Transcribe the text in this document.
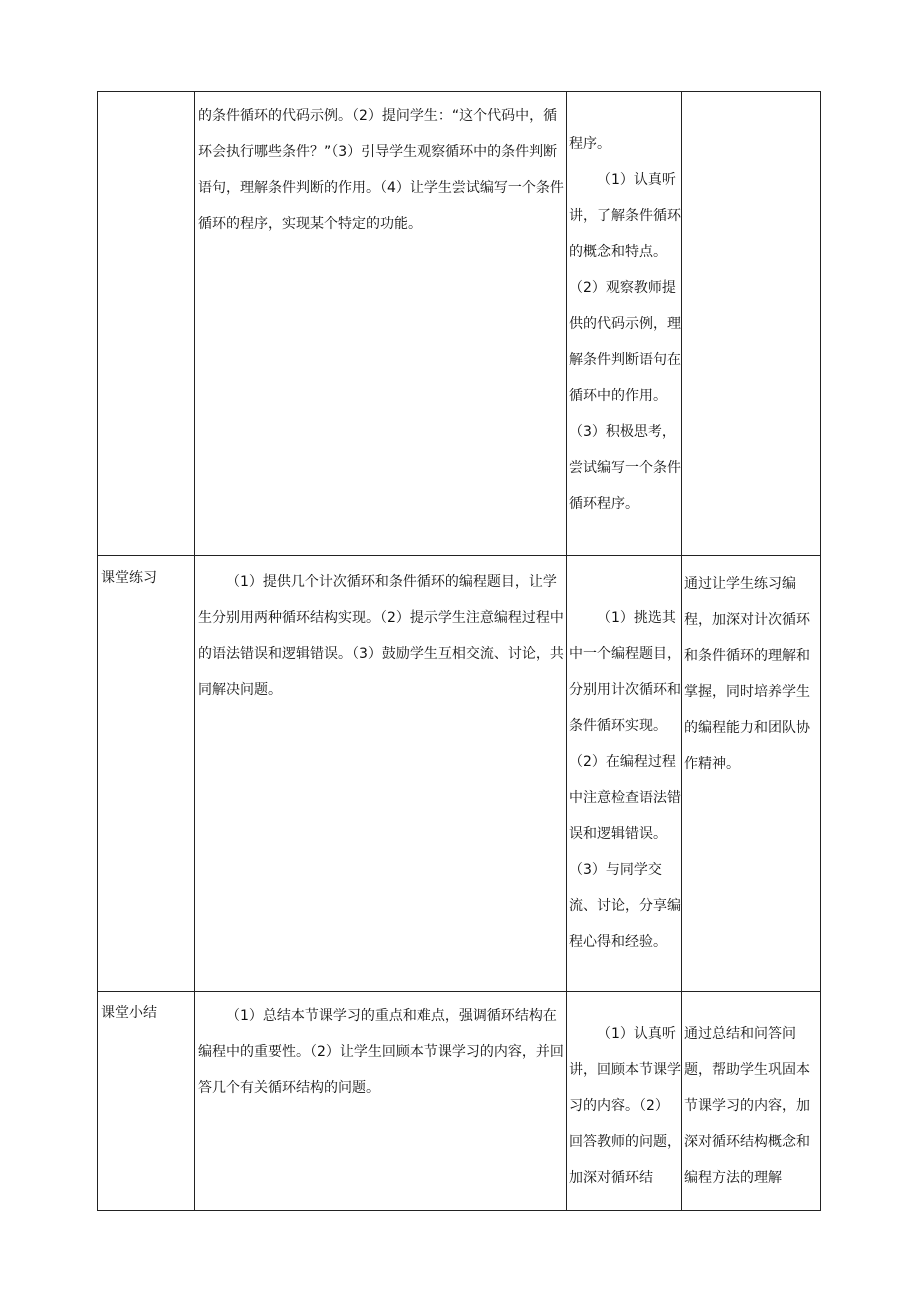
的条件循环的代码示例。（2）提问学生：“这个代码中，循环会执行哪些条件？”（3）引导学生观察循环中的条件判断语句，理解条件判断的作用。（4）让学生尝试编写一个条件循环的程序，实现某个特定的功能。

程序。

（1）认真听讲，了解条件循环的概念和特点。（2）观察教师提供的代码示例，理解条件判断语句在循环中的作用。（3）积极思考，尝试编写一个条件循环程序。

课堂练习	（1）提供几个计次循环和条件循环的编程题目，让学生分别用两种循环结构实现。（2）提示学生注意编程过程中的语法错误和逻辑错误。（3）鼓励学生互相交流、讨论，共同解决问题。

（1）挑选其中一个编程题目，分别用计次循环和条件循环实现。（2）在编程过程中注意检查语法错误和逻辑错误。（3）与同学交流、讨论，分享编程心得和经验。

通过让学生练习编程，加深对计次循环和条件循环的理解和掌握，同时培养学生的编程能力和团队协作精神。

课堂小结	（1）总结本节课学习的重点和难点，强调循环结构在编程中的重要性。（2）让学生回顾本节课学习的内容，并回答几个有关循环结构的问题。

（1）认真听讲，回顾本节课学习的内容。（2）回答教师的问题，加深对循环结

通过总结和问答问题，帮助学生巩固本节课学习的内容，加深对循环结构概念和编程方法的理解
